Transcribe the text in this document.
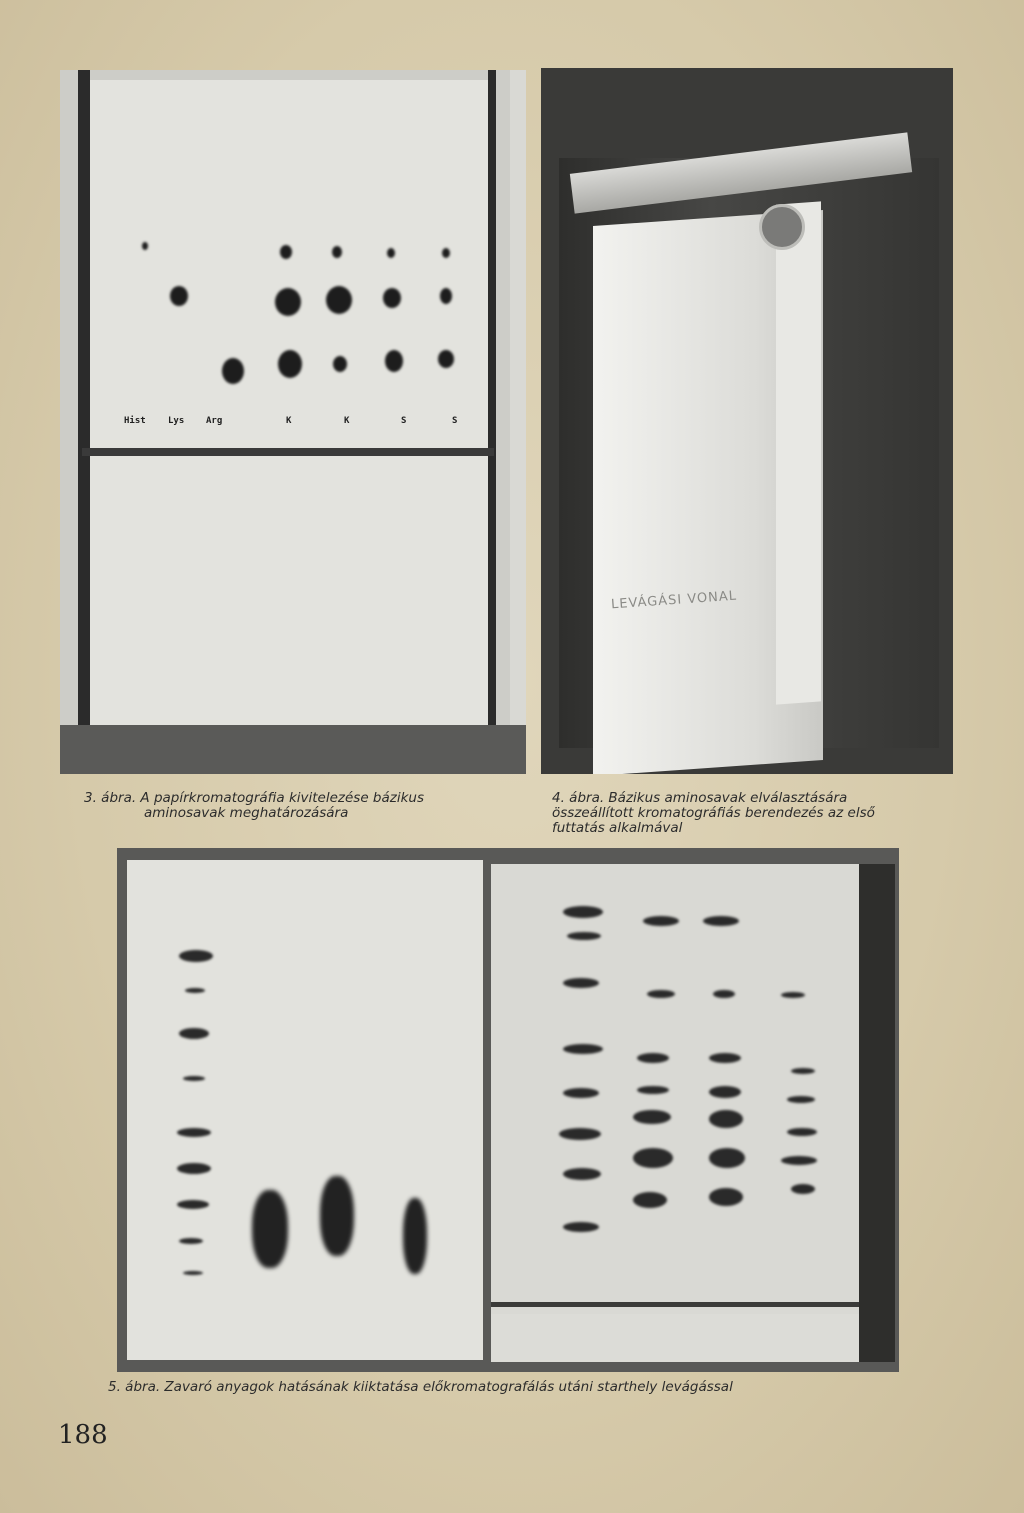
Hist Lys Arg	K	K	S	S
3. ábra. A papírkromatográfia kivitelezése bázikus
aminosavak meghatározására
LEVÁGÁSI VONAL
4. ábra. Bázikus aminosavak elválasztására
összeállított kromatográfiás berendezés az első
futtatás alkalmával
5. ábra. Zavaró anyagok hatásának kiiktatása előkromatografálás utáni starthely levágással
188
